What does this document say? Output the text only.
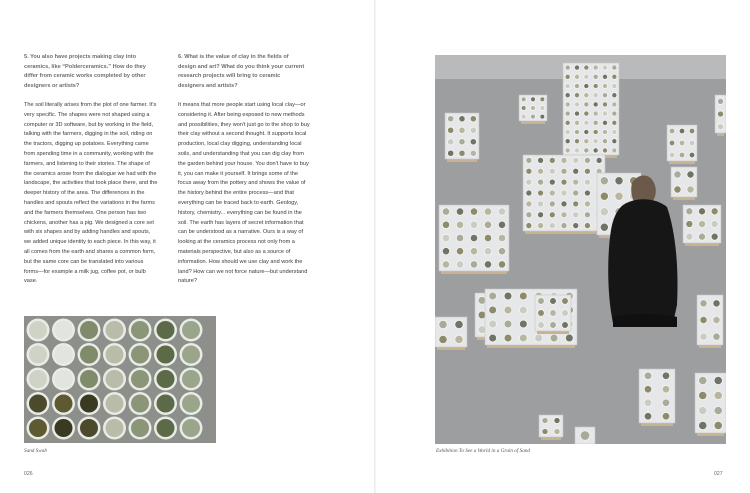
5. You also have projects making clay into ceramics, like “Polderceramics.” How do they differ from ceramic works completed by other designers or artists?
6. What is the value of clay in the fields of design and art? What do you think your current research projects will bring to ceramic designers and artists?
The soil literally arises from the plot of one farmer. It's very specific. The shapes were not shaped using a computer or 3D software, but by working in the field, talking with the farmers, digging in the soil, riding on the tractors, digging up potatoes. Everything came from spending time in a community, working with the farmers, and listening to their stories. The shape of the ceramics arose from the dialogue we had with the landscape, the activities that took place there, and the deeper history of the area. The differences in the handles and spouts reflect the variations in the farms and the farmers themselves. One person has two chickens, another has a pig. We designed a core set with six shapes and by adding handles and spouts, we added unique identity to each piece. In this way, it all comes from the earth and shares a common form, but the same core can be translated into various forms—for example a milk jug, coffee pot, or bulb vase.
It means that more people start using local clay—or considering it. After being exposed to new methods and possibilities, they won't just go to the shop to buy their clay without a second thought. It supports local production, local clay digging, understanding local soils, and understanding that you can dig clay from the garden behind your house. You don't have to buy it, you can make it yourself. It brings some of the focus away from the pottery and shows the value of the history behind the entire process—and that everything can be traced back to earth. Geology, history, chemistry... everything can be found in the soil. The earth has layers of secret information that can be understood as a narrative. Ours is a way of looking at the ceramics process not only from a materials perspective, but also as a source of information. How should we use clay and work the land? How can we not force nature—but understand nature?
Sand Swab
026
Exhibition To See a World in a Grain of Sand
027
